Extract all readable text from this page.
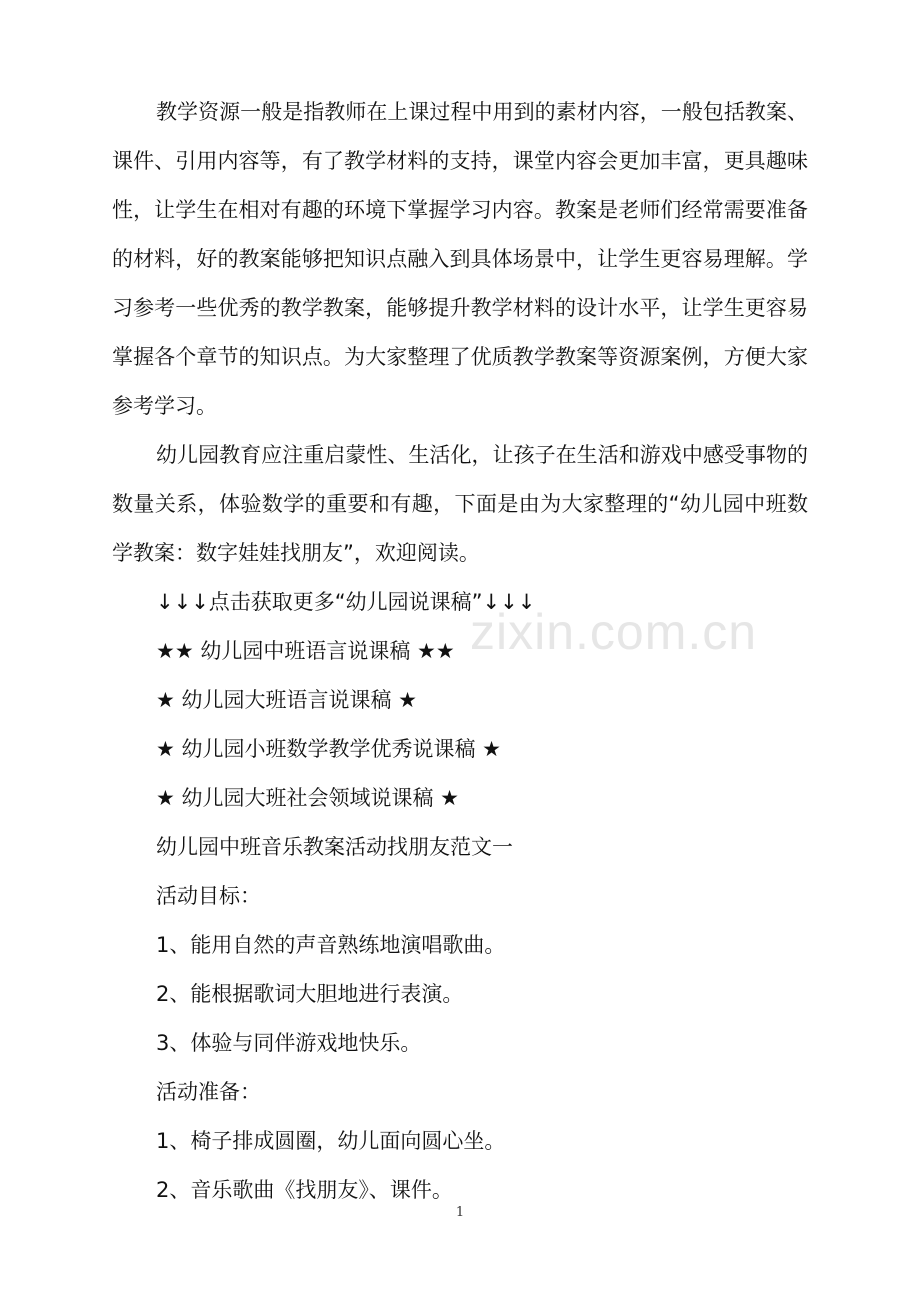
zixin.com.cn

教学资源一般是指教师在上课过程中用到的素材内容，一般包括教案、课件、引用内容等，有了教学材料的支持，课堂内容会更加丰富，更具趣味性，让学生在相对有趣的环境下掌握学习内容。教案是老师们经常需要准备的材料，好的教案能够把知识点融入到具体场景中，让学生更容易理解。学习参考一些优秀的教学教案，能够提升教学材料的设计水平，让学生更容易掌握各个章节的知识点。为大家整理了优质教学教案等资源案例，方便大家参考学习。

幼儿园教育应注重启蒙性、生活化，让孩子在生活和游戏中感受事物的数量关系，体验数学的重要和有趣，下面是由为大家整理的“幼儿园中班数学教案：数字娃娃找朋友”，欢迎阅读。

↓↓↓点击获取更多“幼儿园说课稿”↓↓↓

★★ 幼儿园中班语言说课稿 ★★

★ 幼儿园大班语言说课稿 ★

★ 幼儿园小班数学教学优秀说课稿 ★

★ 幼儿园大班社会领域说课稿 ★

幼儿园中班音乐教案活动找朋友范文一

活动目标：

1、能用自然的声音熟练地演唱歌曲。

2、能根据歌词大胆地进行表演。

3、体验与同伴游戏地快乐。

活动准备：

1、椅子排成圆圈，幼儿面向圆心坐。

2、音乐歌曲《找朋友》、课件。

1
